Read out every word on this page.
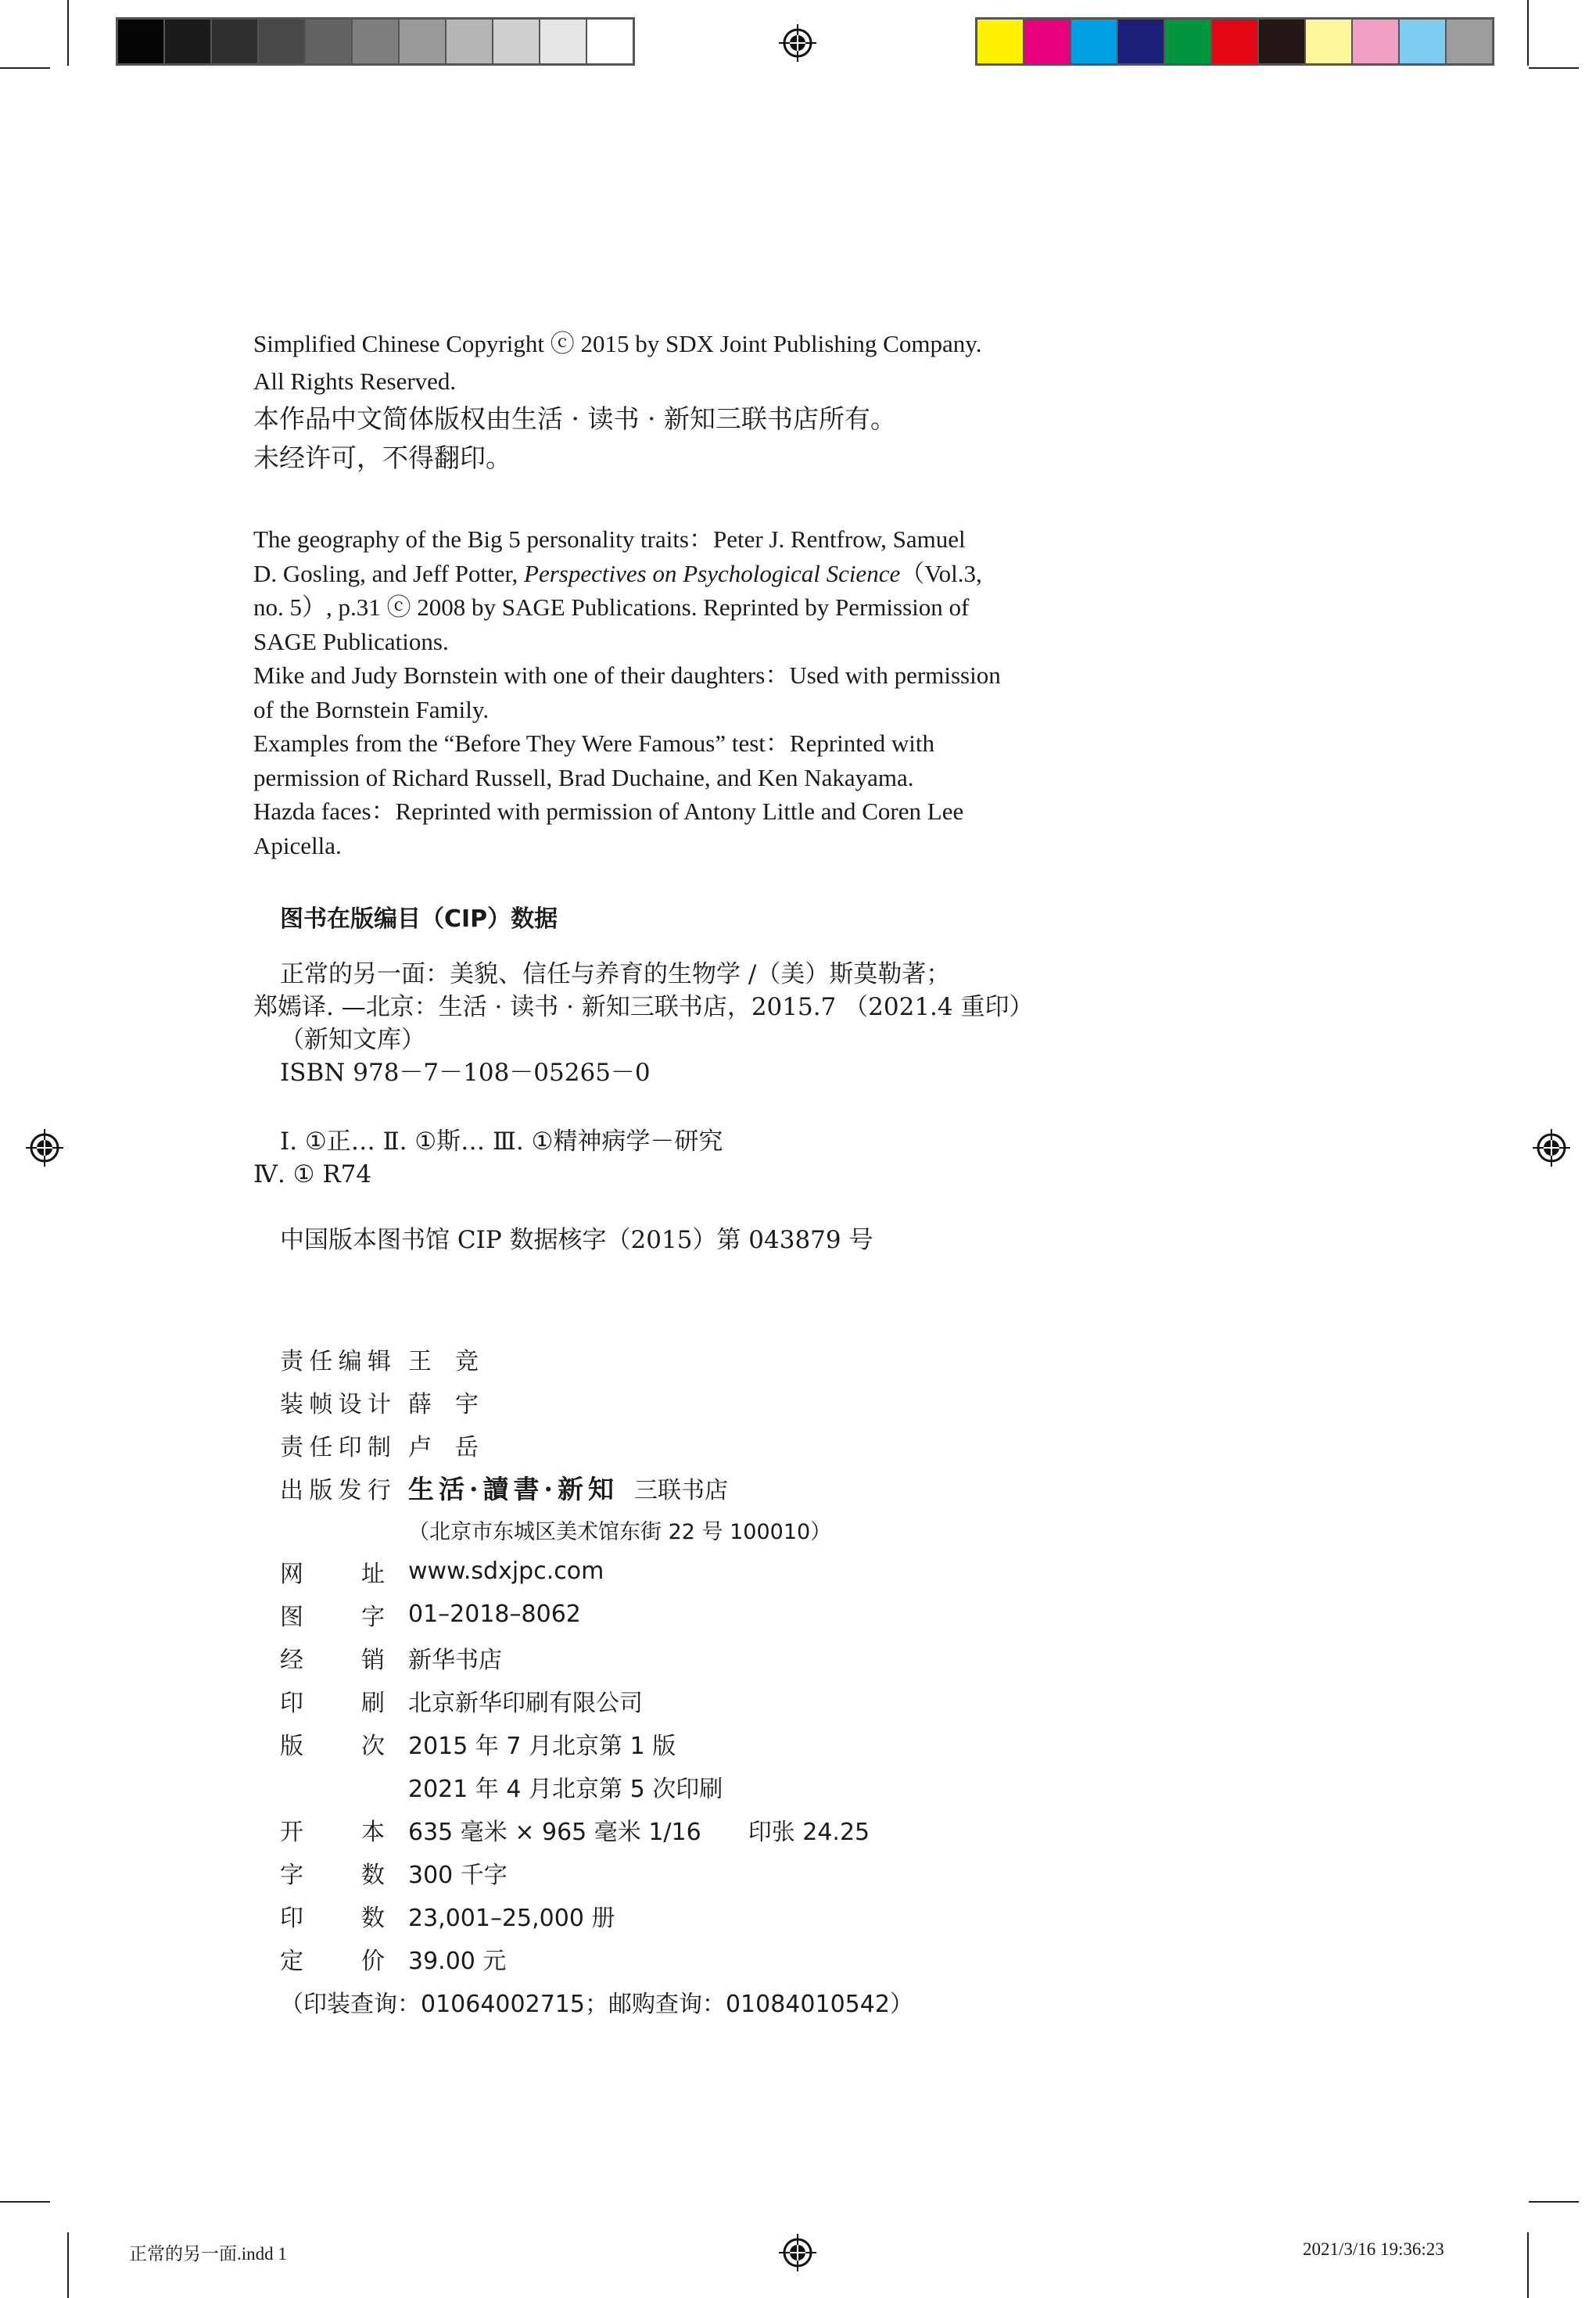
Simplified Chinese Copyright ⓒ 2015 by SDX Joint Publishing Company.

All Rights Reserved.

本作品中文简体版权由生活 · 读书 · 新知三联书店所有。

未经许可，不得翻印。

The geography of the Big 5 personality traits：Peter J. Rentfrow, Samuel

D. Gosling, and Jeff Potter, Perspectives on Psychological Science（Vol.3,

no. 5）, p.31 ⓒ 2008 by SAGE Publications. Reprinted by Permission of

SAGE Publications.

Mike and Judy Bornstein with one of their daughters：Used with permission

of the Bornstein Family.

Examples from the “Before They Were Famous” test：Reprinted with

permission of Richard Russell, Brad Duchaine, and Ken Nakayama.

Hazda faces：Reprinted with permission of Antony Little and Coren Lee

Apicella.

图书在版编目（CIP）数据

正常的另一面：美貌、信任与养育的生物学 /（美）斯莫勒著；

郑嫣译. —北京：生活 · 读书 · 新知三联书店，2015.7 （2021.4 重印）

（新知文库）

ISBN 978－7－108－05265－0

Ⅰ. ①正… Ⅱ. ①斯… Ⅲ. ①精神病学－研究

Ⅳ. ① R74

中国版本图书馆 CIP 数据核字（2015）第 043879 号

责 任 编 辑 王　竞
装 帧 设 计 薛　宇
责 任 印 制 卢　岳
出 版 发 行 生活·讀書·新知 三联书店
（北京市东城区美术馆东街 22 号 100010）
网 址 www.sdxjpc.com
图 字 01–2018–8062
经 销 新华书店
印 刷 北京新华印刷有限公司
版 次 2015 年 7 月北京第 1 版
2021 年 4 月北京第 5 次印刷
开 本 635 毫米 × 965 毫米 1/16 印张 24.25
字 数 300 千字
印 数 23,001–25,000 册
定 价 39.00 元
（印装查询：01064002715；邮购查询：01084010542）
正常的另一面.indd 1	2021/3/16 19:36:23
